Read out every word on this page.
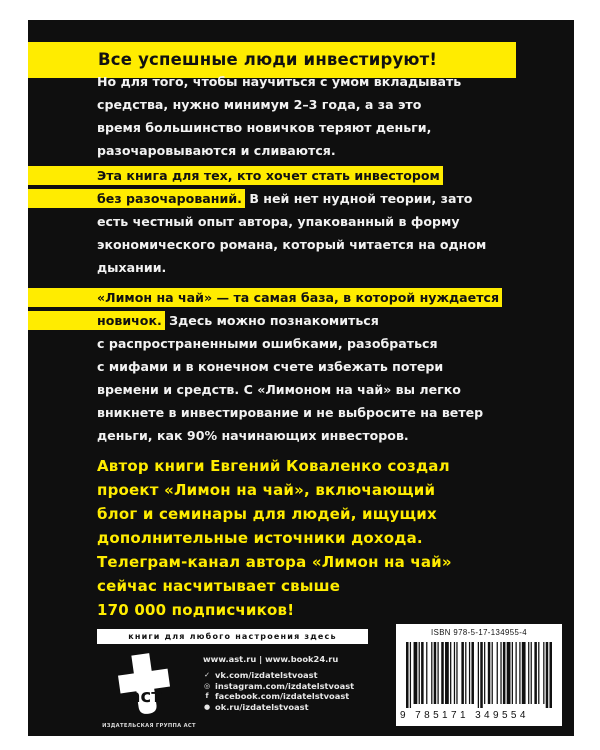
Все успешные люди инвестируют!
Но для того, чтобы научиться с умом вкладывать
средства, нужно минимум 2–3 года, а за это
время большинство новичков теряют деньги,
разочаровываются и сливаются.
Эта книга для тех, кто хочет стать инвестором
без разочарований. В ней нет нудной теории, зато
есть честный опыт автора, упакованный в форму
экономического романа, который читается на одном
дыхании.
«Лимон на чай» — та самая база, в которой нуждается
новичок. Здесь можно познакомиться
с распространенными ошибками, разобраться
с мифами и в конечном счете избежать потери
времени и средств. С «Лимоном на чай» вы легко
вникнете в инвестирование и не выбросите на ветер
деньги, как 90% начинающих инвесторов.
Автор книги Евгений Коваленко создал
проект «Лимон на чай», включающий
блог и семинары для людей, ищущих
дополнительные источники дохода.
Телеграм-канал автора «Лимон на чай»
сейчас насчитывает свыше
170 000 подписчиков!
книги для любого настроения здесь
аст
ИЗДАТЕЛЬСКАЯ ГРУППА АСТ
www.ast.ru | www.book24.ru
✓ vk.com/izdatelstvoast
◎ instagram.com/izdatelstvoast
f facebook.com/izdatelstvoast
● ok.ru/izdatelstvoast
ISBN 978-5-17-134955-4
9 785171 349554
